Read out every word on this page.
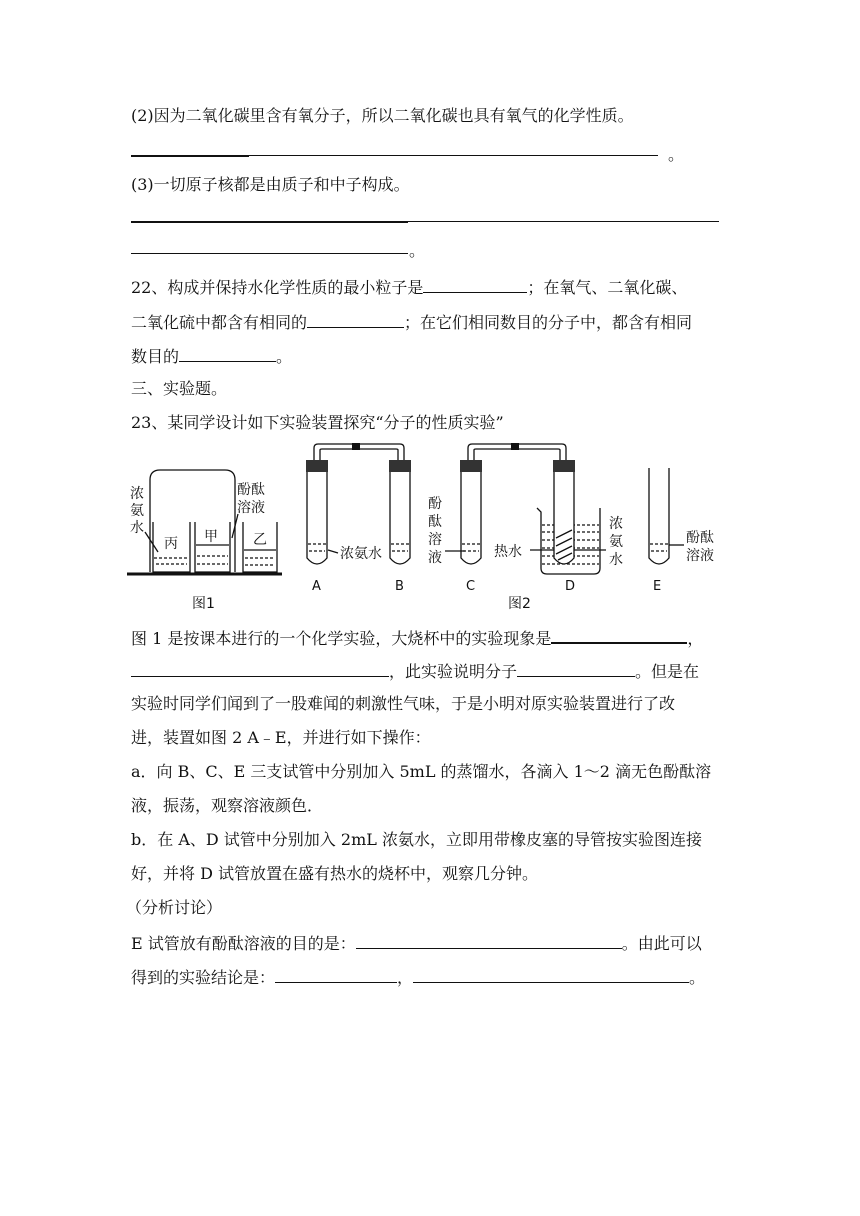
(2)因为二氧化碳里含有氧分子，所以二氧化碳也具有氧气的化学性质。
。
(3)一切原子核都是由质子和中子构成。
。
22、构成并保持水化学性质的最小粒子是	；在氧气、二氧化碳、
二氧化硫中都含有相同的	；在它们相同数目的分子中，都含有相同
数目的	。
三、实验题。
23、某同学设计如下实验装置探究“分子的性质实验”
丙 甲	乙
浓
氨
水
酚酞
溶液
图1
浓氨水
酚
酞
溶
液	热水
浓
氨
水
酚酞
溶液
A	B	C	D	E
图2
图 1 是按课本进行的一个化学实验，大烧杯中的实验现象是	，
，此实验说明分子	。但是在
实验时同学们闻到了一股难闻的刺激性气味，于是小明对原实验装置进行了改
进，装置如图 2 A﹣E，并进行如下操作：
a．向 B、C、E 三支试管中分别加入 5mL 的蒸馏水，各滴入 1～2 滴无色酚酞溶
液，振荡，观察溶液颜色．
b．在 A、D 试管中分别加入 2mL 浓氨水，立即用带橡皮塞的导管按实验图连接
好，并将 D 试管放置在盛有热水的烧杯中，观察几分钟。
（分析讨论）
E 试管放有酚酞溶液的目的是：	。由此可以
得到的实验结论是：	，	。
